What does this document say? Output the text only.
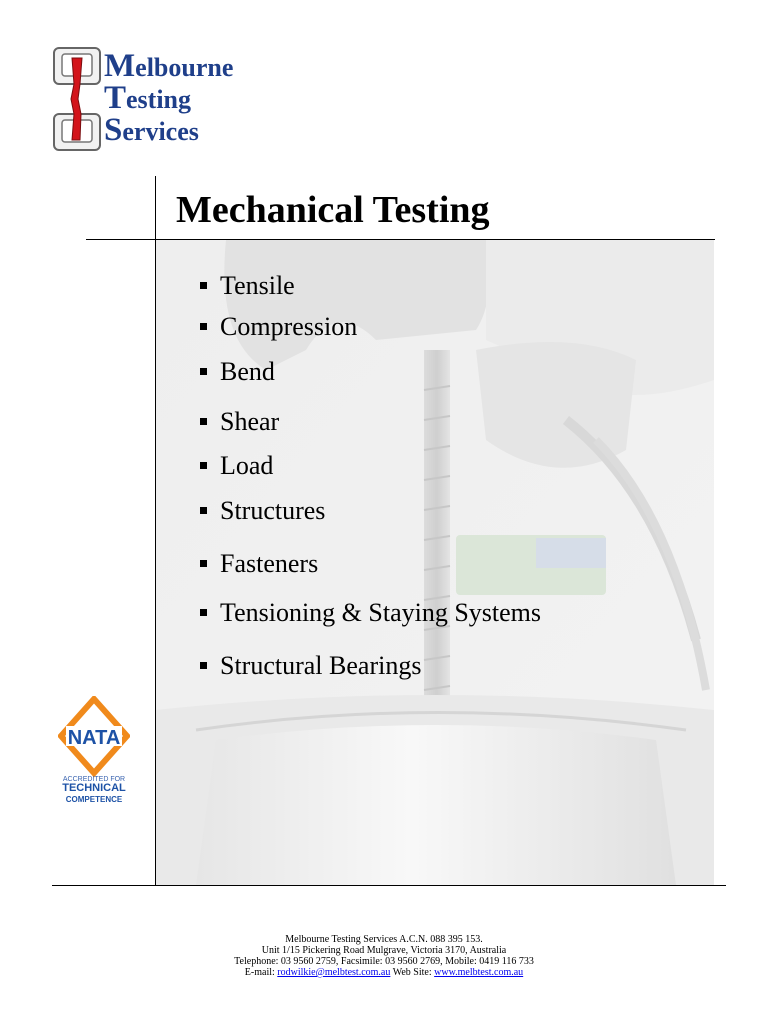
Melbourne
Testing
Services
Mechanical Testing
Tensile
Compression
Bend
Shear
Load
Structures
Fasteners
Tensioning & Staying Systems
Structural Bearings
NATA
ACCREDITED FOR
TECHNICAL
COMPETENCE
Melbourne Testing Services A.C.N. 088 395 153.
Unit 1/15 Pickering Road Mulgrave, Victoria 3170, Australia
Telephone: 03 9560 2759, Facsimile: 03 9560 2769, Mobile: 0419 116 733
E-mail: rodwilkie@melbtest.com.au Web Site: www.melbtest.com.au
